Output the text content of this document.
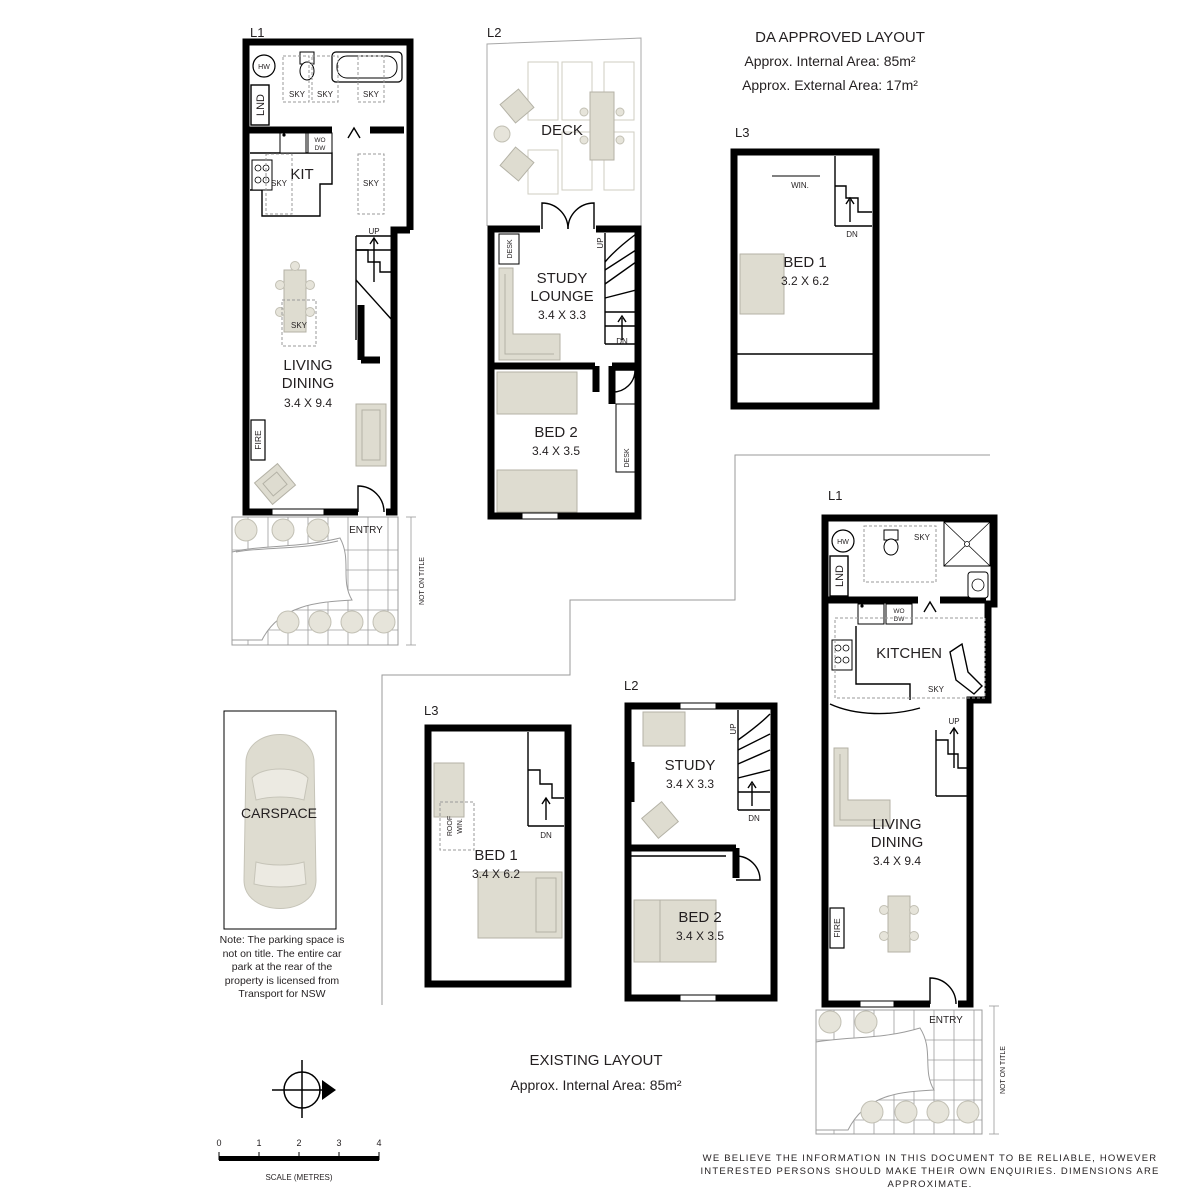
L1
HW
LND	SKY SKY	SKY
WO
DW
SKY	SKY
KIT
UP
SKY
LIVING
DINING
3.4 X 9.4
FIRE
ENTRY
NOT ON TITLE
L2
DECK
DESK	UP
DN
STUDY
LOUNGE
3.4 X 3.3
DESK
BED 2
3.4 X 3.5
DA APPROVED LAYOUT
Approx. Internal Area: 85m²
Approx. External Area: 17m²
L3
WIN.
DN
BED 1
3.2 X 6.2
L1
HW
SKY
LND
WO
DW
SKY
KITCHEN
UP
LIVING
DINING
3.4 X 9.4
FIRE
ENTRY
NOT ON TITLE
L2
UP
DN
STUDY
3.4 X 3.3
BED 2
3.4 X 3.5
L3
ROOF WIN.
DN
BED 1
3.4 X 6.2
CARSPACE
EXISTING LAYOUT
Approx. Internal Area: 85m²
0	1	2	3	4
SCALE (METRES)
Note: The parking space is not on title. The entire car park at the rear of the property is licensed from Transport for NSW
WE BELIEVE THE INFORMATION IN THIS DOCUMENT TO BE RELIABLE, HOWEVER INTERESTED PERSONS SHOULD MAKE THEIR OWN ENQUIRIES. DIMENSIONS ARE APPROXIMATE.
